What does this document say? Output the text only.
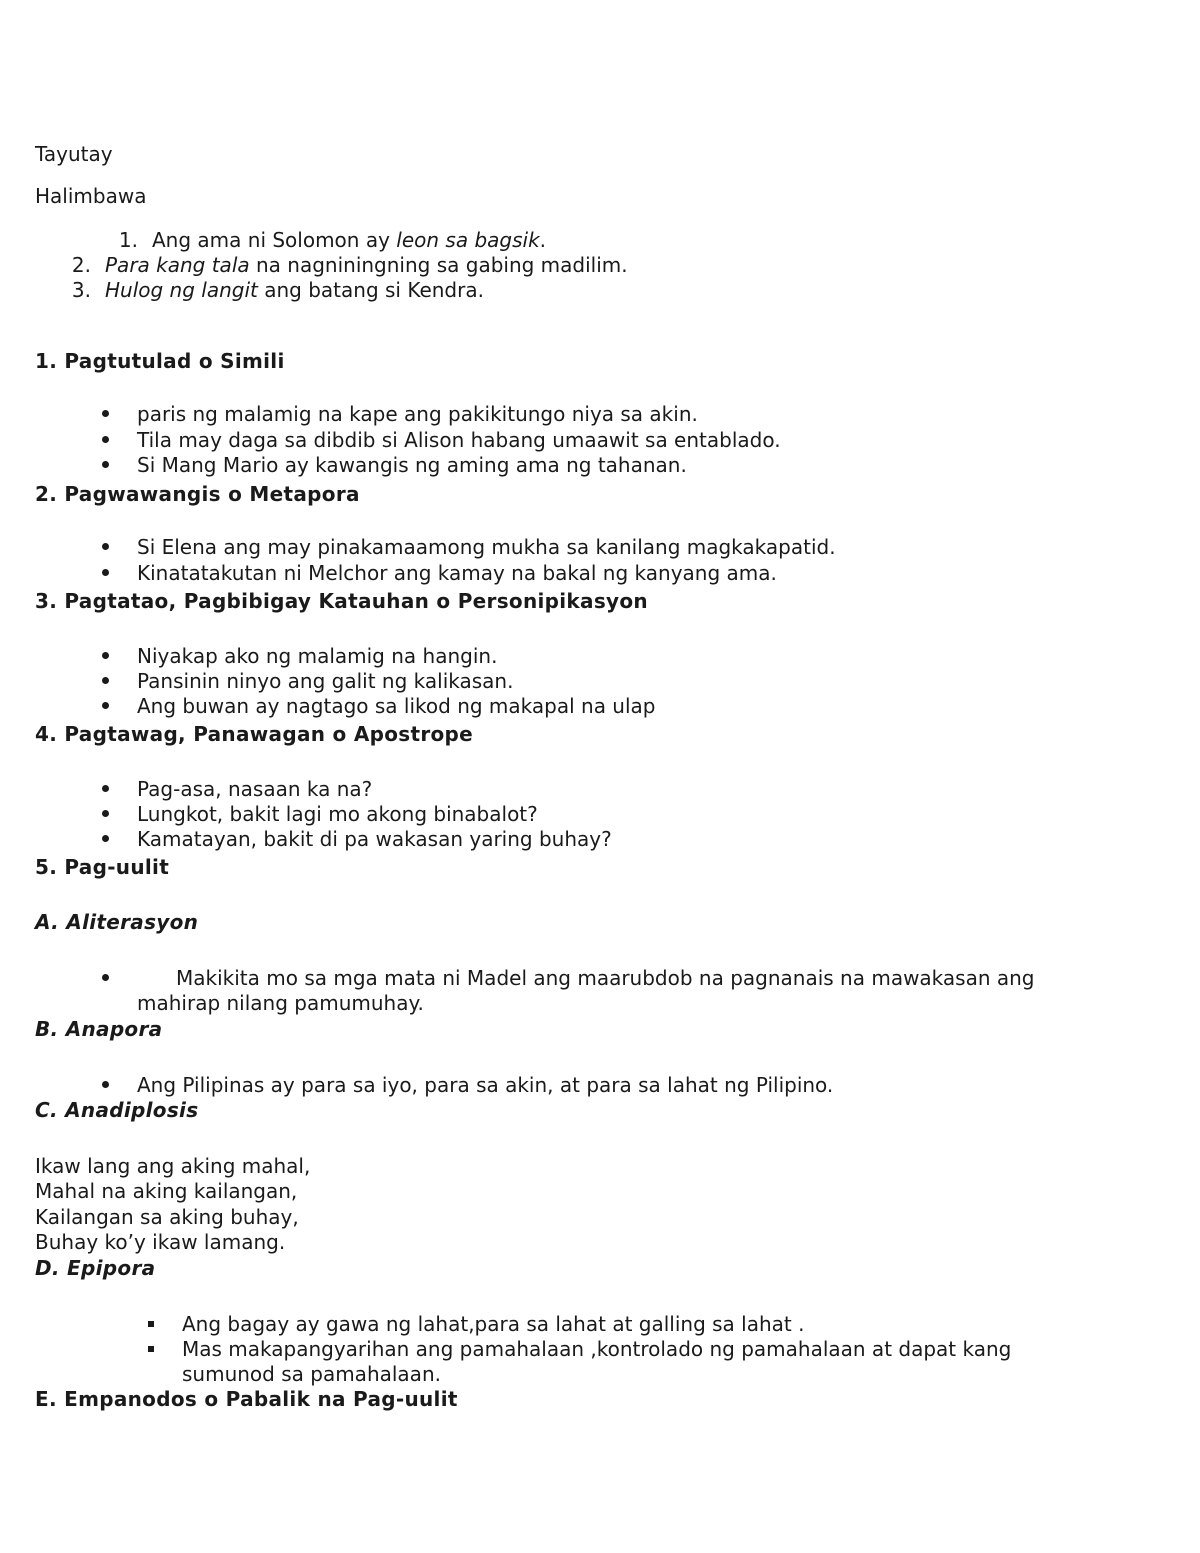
Tayutay
Halimbawa
1. Ang ama ni Solomon ay leon sa bagsik.
2. Para kang tala na nagniningning sa gabing madilim.
3. Hulog ng langit ang batang si Kendra.
1. Pagtutulad o Simili
paris ng malamig na kape ang pakikitungo niya sa akin.
Tila may daga sa dibdib si Alison habang umaawit sa entablado.
Si Mang Mario ay kawangis ng aming ama ng tahanan.
2. Pagwawangis o Metapora
Si Elena ang may pinakamaamong mukha sa kanilang magkakapatid.
Kinatatakutan ni Melchor ang kamay na bakal ng kanyang ama.
3. Pagtatao, Pagbibigay Katauhan o Personipikasyon
Niyakap ako ng malamig na hangin.
Pansinin ninyo ang galit ng kalikasan.
Ang buwan ay nagtago sa likod ng makapal na ulap
4. Pagtawag, Panawagan o Apostrope
Pag-asa, nasaan ka na?
Lungkot, bakit lagi mo akong binabalot?
Kamatayan, bakit di pa wakasan yaring buhay?
5. Pag-uulit
A. Aliterasyon
Makikita mo sa mga mata ni Madel ang maarubdob na pagnanais na mawakasan ang
mahirap nilang pamumuhay.
B. Anapora
Ang Pilipinas ay para sa iyo, para sa akin, at para sa lahat ng Pilipino.
C. Anadiplosis
Ikaw lang ang aking mahal,
Mahal na aking kailangan,
Kailangan sa aking buhay,
Buhay ko’y ikaw lamang.
D. Epipora
Ang bagay ay gawa ng lahat,para sa lahat at galling sa lahat .
Mas makapangyarihan ang pamahalaan ,kontrolado ng pamahalaan at dapat kang
sumunod sa pamahalaan.
E. Empanodos o Pabalik na Pag-uulit
